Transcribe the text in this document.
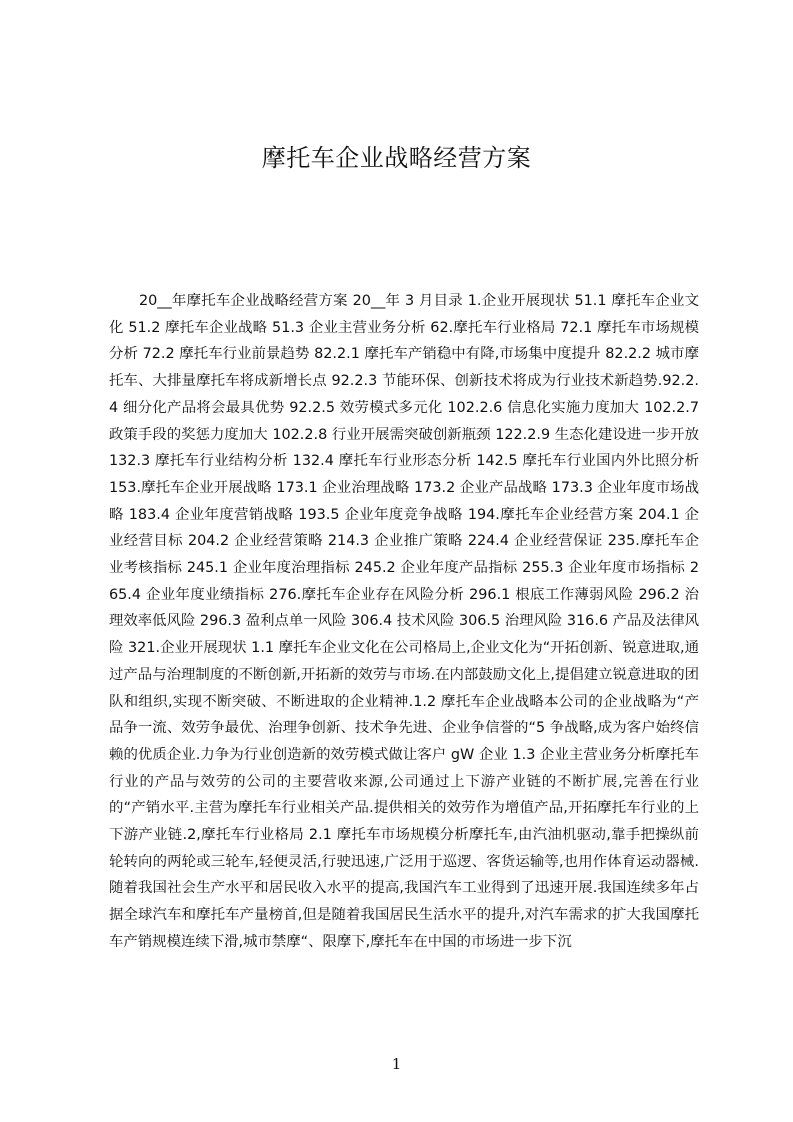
摩托车企业战略经营方案

20__年摩托车企业战略经营方案 20__年 3 月目录 1.企业开展现状 51.1 摩托车企业文化 51.2 摩托车企业战略 51.3 企业主营业务分析 62.摩托车行业格局 72.1 摩托车市场规模分析 72.2 摩托车行业前景趋势 82.2.1 摩托车产销稳中有降,市场集中度提升 82.2.2 城市摩托车、大排量摩托车将成新增长点 92.2.3 节能环保、创新技术将成为行业技术新趋势.92.2.4 细分化产品将会最具优势 92.2.5 效劳模式多元化 102.2.6 信息化实施力度加大 102.2.7 政策手段的奖惩力度加大 102.2.8 行业开展需突破创新瓶颈 122.2.9 生态化建设进一步开放 132.3 摩托车行业结构分析 132.4 摩托车行业形态分析 142.5 摩托车行业国内外比照分析 153.摩托车企业开展战略 173.1 企业治理战略 173.2 企业产品战略 173.3 企业年度市场战略 183.4 企业年度营销战略 193.5 企业年度竞争战略 194.摩托车企业经营方案 204.1 企业经营目标 204.2 企业经营策略 214.3 企业推广策略 224.4 企业经营保证 235.摩托车企业考核指标 245.1 企业年度治理指标 245.2 企业年度产品指标 255.3 企业年度市场指标 265.4 企业年度业绩指标 276.摩托车企业存在风险分析 296.1 根底工作薄弱风险 296.2 治理效率低风险 296.3 盈利点单一风险 306.4 技术风险 306.5 治理风险 316.6 产品及法律风险 321.企业开展现状 1.1 摩托车企业文化在公司格局上,企业文化为“开拓创新、锐意进取,通过产品与治理制度的不断创新,开拓新的效劳与市场.在内部鼓励文化上,提倡建立锐意进取的团队和组织,实现不断突破、不断进取的企业精神.1.2 摩托车企业战略本公司的企业战略为“产品争一流、效劳争最优、治理争创新、技术争先进、企业争信誉的“5 争战略,成为客户始终信赖的优质企业.力争为行业创造新的效劳模式做让客户 gW 企业 1.3 企业主营业务分析摩托车行业的产品与效劳的公司的主要营收来源,公司通过上下游产业链的不断扩展,完善在行业的“产销水平.主营为摩托车行业相关产品.提供相关的效劳作为增值产品,开拓摩托车行业的上下游产业链.2,摩托车行业格局 2.1 摩托车市场规模分析摩托车,由汽油机驱动,靠手把操纵前轮转向的两轮或三轮车,轻便灵活,行驶迅速,广泛用于巡逻、客货运输等,也用作体育运动器械.随着我国社会生产水平和居民收入水平的提高,我国汽车工业得到了迅速开展.我国连续多年占据全球汽车和摩托车产量榜首,但是随着我国居民生活水平的提升,对汽车需求的扩大我国摩托车产销规模连续下滑,城市禁摩“、限摩下,摩托车在中国的市场进一步下沉

1
